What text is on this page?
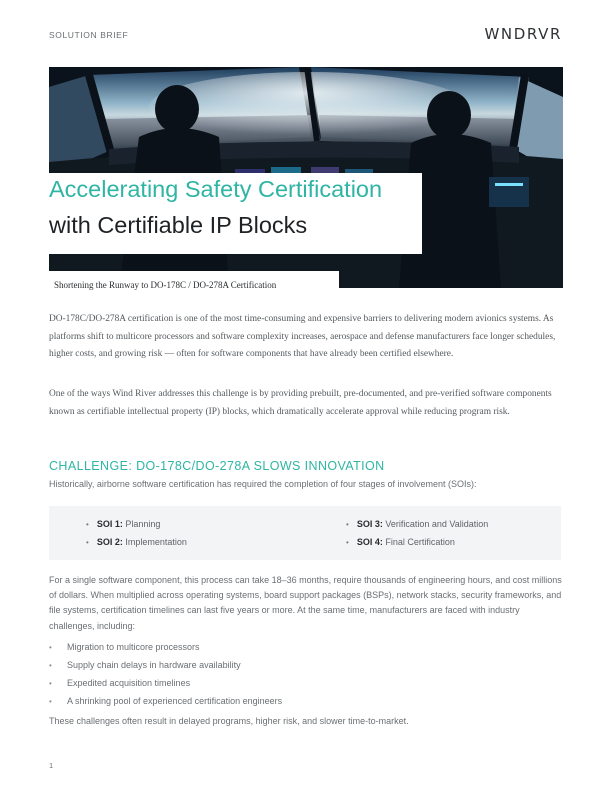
SOLUTION BRIEF	WNDRVR
Accelerating Safety Certification
with Certifiable IP Blocks
Shortening the Runway to DO-178C / DO-278A Certification

DO-178C/DO-278A certification is one of the most time-consuming and expensive barriers to delivering modern avionics systems. As platforms shift to multicore processors and software complexity increases, aerospace and defense manufacturers face longer schedules, higher costs, and growing risk — often for software components that have already been certified elsewhere.

One of the ways Wind River addresses this challenge is by providing prebuilt, pre-documented, and pre-verified software components known as certifiable intellectual property (IP) blocks, which dramatically accelerate approval while reducing program risk.

CHALLENGE: DO-178C/DO-278A SLOWS INNOVATION
Historically, airborne software certification has required the completion of four stages of involvement (SOIs):
• SOI 1: Planning
• SOI 2: Implementation
• SOI 3: Verification and Validation
• SOI 4: Final Certification

For a single software component, this process can take 18–36 months, require thousands of engineering hours, and cost millions of dollars. When multiplied across operating systems, board support packages (BSPs), network stacks, security frameworks, and file systems, certification timelines can last five years or more. At the same time, manufacturers are faced with industry challenges, including:

• Migration to multicore processors
• Supply chain delays in hardware availability
• Expedited acquisition timelines
• A shrinking pool of experienced certification engineers
These challenges often result in delayed programs, higher risk, and slower time-to-market.
1
